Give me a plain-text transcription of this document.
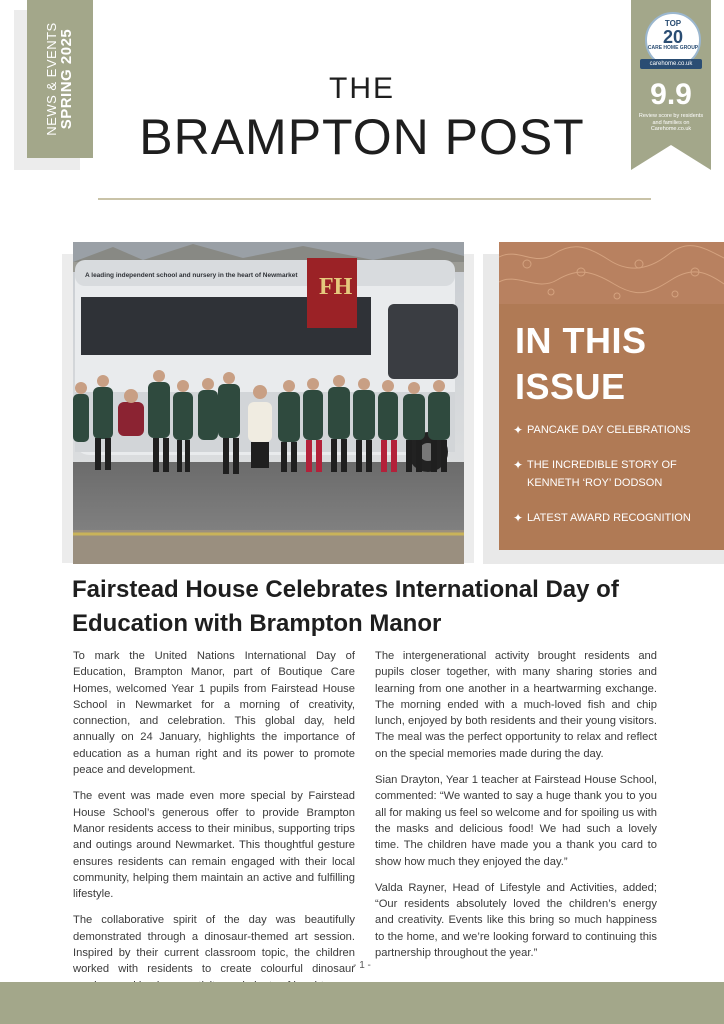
NEWS & EVENTS
SPRING 2025	THE
BRAMPTON POST
TOP
20
CARE HOME GROUP
carehome.co.uk
9.9
Review score by residents and families on Carehome.co.uk
FH
A leading independent school and nursery in the heart of Newmarket
IN THIS
ISSUE
✦ PANCAKE DAY CELEBRATIONS
✦ THE INCREDIBLE STORY OF KENNETH ‘ROY’ DODSON
✦ LATEST AWARD RECOGNITION
Fairstead House Celebrates International Day of Education with Brampton Manor

To mark the United Nations International Day of Education, Brampton Manor, part of Boutique Care Homes, welcomed Year 1 pupils from Fairstead House School in Newmarket for a morning of creativity, connection, and celebration. This global day, held annually on 24 January, highlights the importance of education as a human right and its power to promote peace and development.

The event was made even more special by Fairstead House School’s generous offer to provide Brampton Manor residents access to their minibus, supporting trips and outings around Newmarket. This thoughtful gesture ensures residents can remain engaged with their local community, helping them maintain an active and fulfilling lifestyle.

The collaborative spirit of the day was beautifully demonstrated through a dinosaur-themed art session. Inspired by their current classroom topic, the children worked with residents to create colourful dinosaur

The intergenerational activity brought residents and pupils closer together, with many sharing stories and learning from one another in a heartwarming exchange. The morning ended with a much-loved fish and chip lunch, enjoyed by both residents and their young visitors. The meal was the perfect opportunity to relax and reflect on the special memories made during the day.

Sian Drayton, Year 1 teacher at Fairstead House School, commented: “We wanted to say a huge thank you to you all for making us feel so welcome and for spoiling us with the masks and delicious food! We had such a lovely time. The children have made you a thank you card to show how much they enjoyed the day.”

Valda Rayner, Head of Lifestyle and Activities, added; “Our residents absolutely loved the children’s energy and creativity. Events like this bring so much happiness to the home, and we’re looking forward to continuing this partnership throughout the year.”

- 1 -
